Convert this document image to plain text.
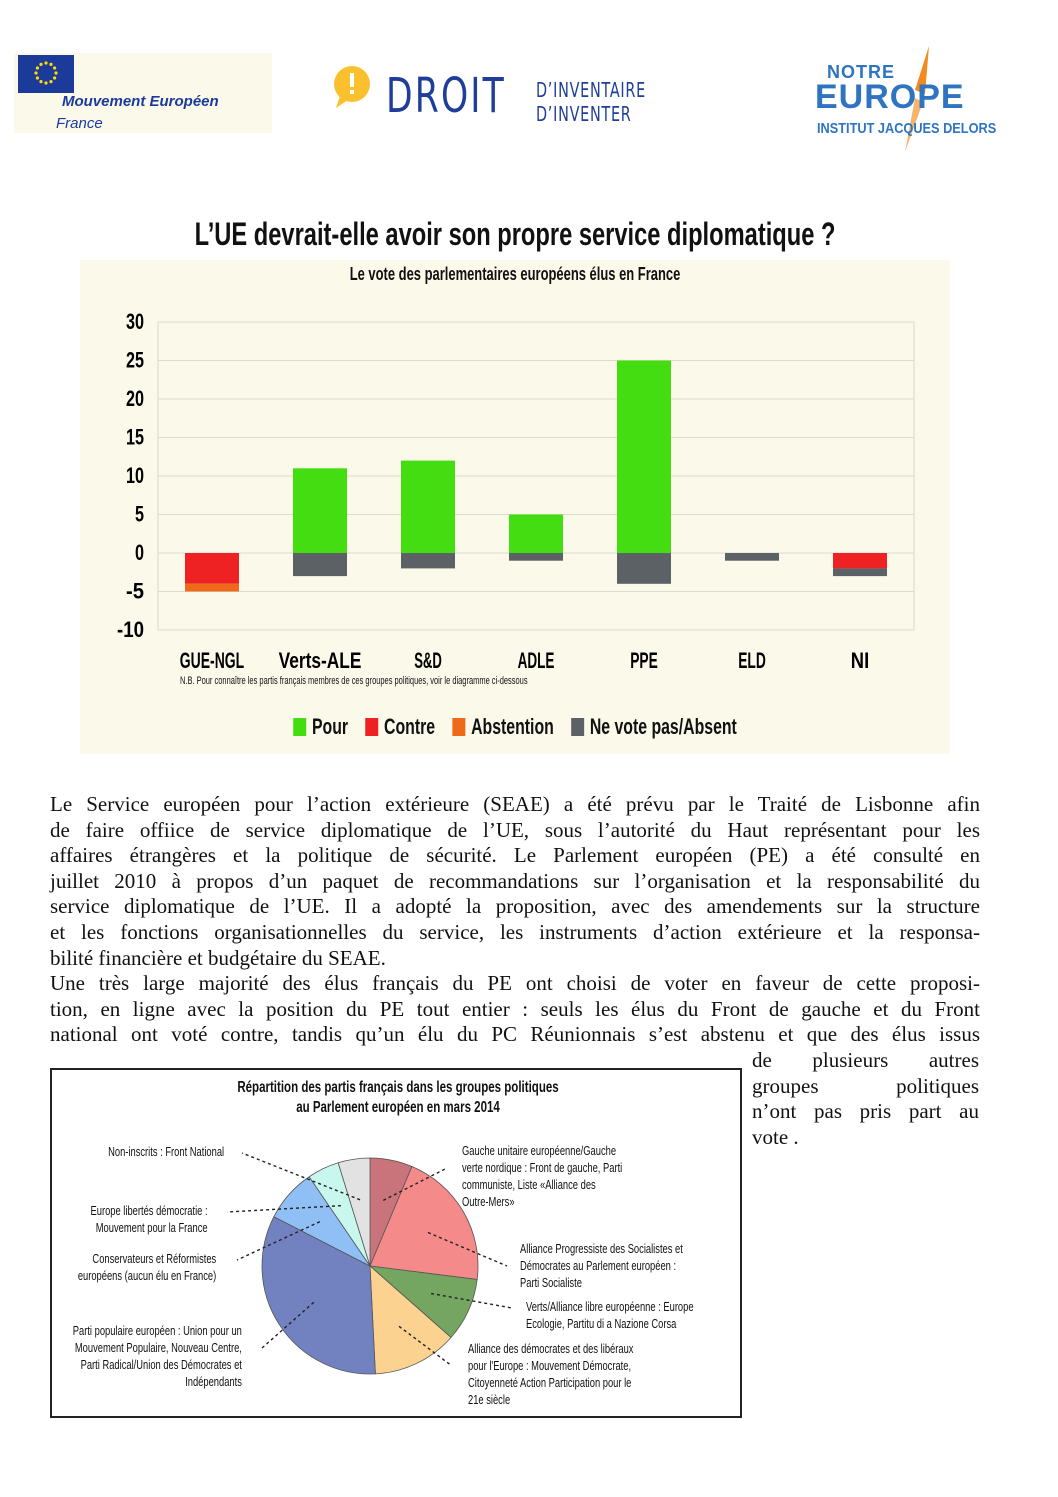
Mouvement Européen
France	DROIT D’INVENTAIRE
D’INVENTER
NOTRE
EUROPE
INSTITUT JACQUES DELORS
L’UE devrait-elle avoir son propre service diplomatique ?
Le vote des parlementaires européens élus en France
30
25
20
15
10
5
0
-5
-10
GUE-NGL Verts-ALE S&D	ADLE	PPE	ELD	NI
N.B. Pour connaître les partis français membres de ces groupes politiques, voir le diagramme ci-dessous
Pour Contre Abstention Ne vote pas/Absent
Le Service européen pour l’action extérieure (SEAE) a été prévu par le Traité de Lisbonne afin
de faire offiice de service diplomatique de l’UE, sous l’autorité du Haut représentant pour les
affaires étrangères et la politique de sécurité. Le Parlement européen (PE) a été consulté en
juillet 2010 à propos d’un paquet de recommandations sur l’organisation et la responsabilité du
service diplomatique de l’UE. Il a adopté la proposition, avec des amendements sur la structure
et les fonctions organisationnelles du service, les instruments d’action extérieure et la responsa-
bilité financière et budgétaire du SEAE.
Une très large majorité des élus français du PE ont choisi de voter en faveur de cette proposi-
tion, en ligne avec la position du PE tout entier : seuls les élus du Front de gauche et du Front
national ont voté contre, tandis qu’un élu du PC Réunionnais s’est abstenu et que des élus issus
de plusieurs autres
groupes politiques
n’ont pas pris part au
vote .
Répartition des partis français dans les groupes politiques
au Parlement européen en mars 2014
Gauche unitaire européenne/Gauche
verte nordique : Front de gauche, Parti
communiste, Liste «Alliance des
Outre-Mers»
Alliance Progressiste des Socialistes et
Démocrates au Parlement européen :
Parti Socialiste
Verts/Alliance libre européenne : Europe
Ecologie, Partitu di a Nazione Corsa
Alliance des démocrates et des libéraux
pour l'Europe : Mouvement Démocrate,
Citoyenneté Action Participation pour le
21e siècle
Parti populaire européen : Union pour un
Mouvement Populaire, Nouveau Centre,
Parti Radical/Union des Démocrates et
Indépendants
Conservateurs et Réformistes
européens (aucun élu en France)
Europe libertés démocratie :
Mouvement pour la France
Non-inscrits : Front National
